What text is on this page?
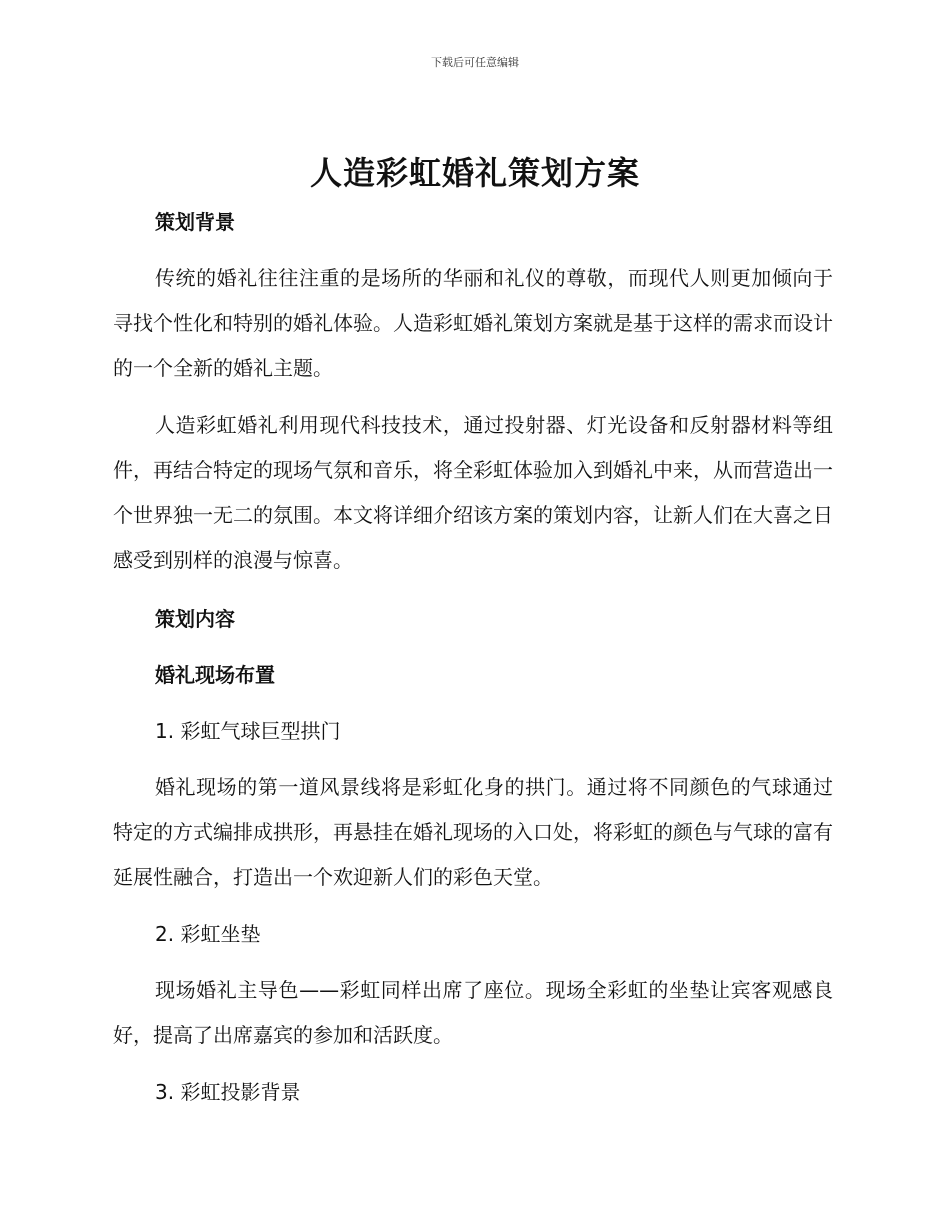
下载后可任意编辑
人造彩虹婚礼策划方案

策划背景

传统的婚礼往往注重的是场所的华丽和礼仪的尊敬，而现代人则更加倾向于寻找个性化和特别的婚礼体验。人造彩虹婚礼策划方案就是基于这样的需求而设计的一个全新的婚礼主题。

人造彩虹婚礼利用现代科技技术，通过投射器、灯光设备和反射器材料等组件，再结合特定的现场气氛和音乐，将全彩虹体验加入到婚礼中来，从而营造出一个世界独一无二的氛围。本文将详细介绍该方案的策划内容，让新人们在大喜之日感受到别样的浪漫与惊喜。

策划内容

婚礼现场布置

1. 彩虹气球巨型拱门

婚礼现场的第一道风景线将是彩虹化身的拱门。通过将不同颜色的气球通过特定的方式编排成拱形，再悬挂在婚礼现场的入口处，将彩虹的颜色与气球的富有延展性融合，打造出一个欢迎新人们的彩色天堂。

2. 彩虹坐垫

现场婚礼主导色——彩虹同样出席了座位。现场全彩虹的坐垫让宾客观感良好，提高了出席嘉宾的参加和活跃度。

3. 彩虹投影背景
